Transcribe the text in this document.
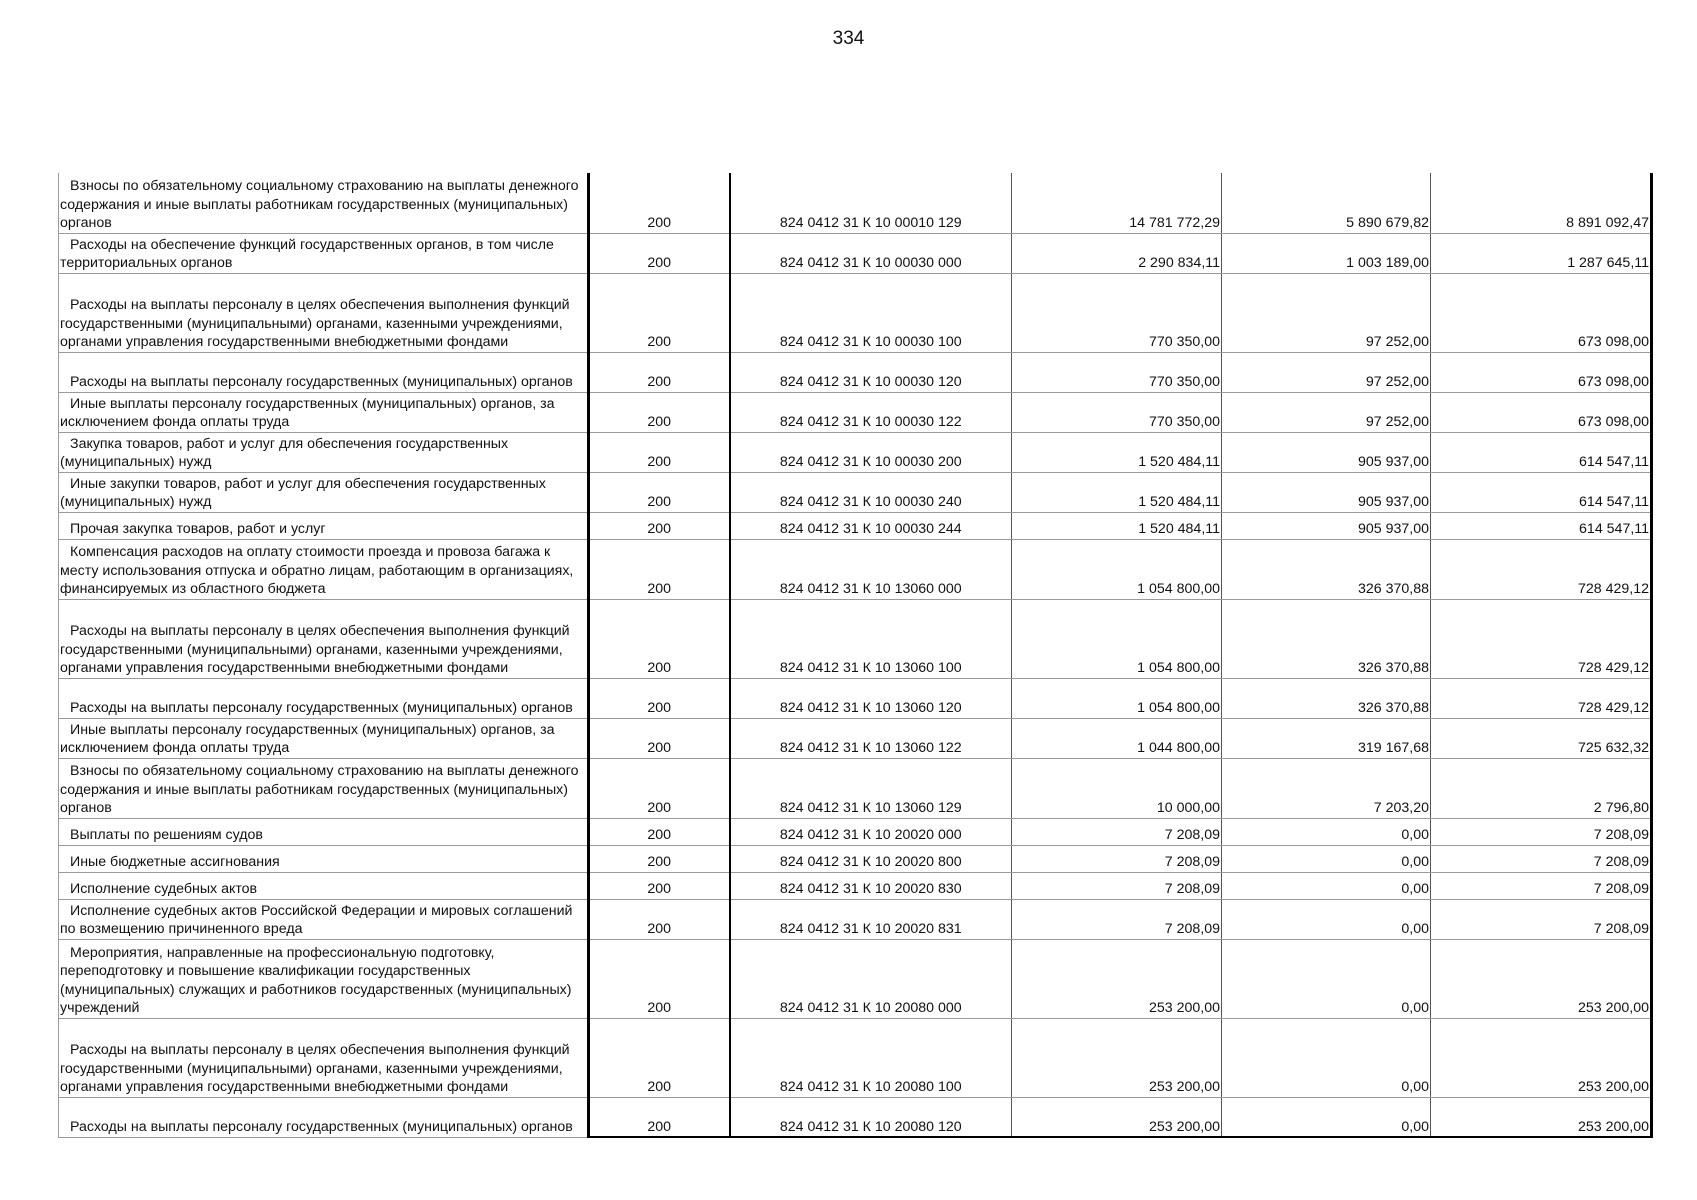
334
Взносы по обязательному социальному страхованию на выплаты денежного содержания и иные выплаты работникам государственных (муниципальных) органов	200	824 0412 31 К 10 00010 129	14 781 772,29	5 890 679,82	8 891 092,47

Расходы на обеспечение функций государственных органов, в том числе территориальных органов	200	824 0412 31 К 10 00030 000	2 290 834,11	1 003 189,00	1 287 645,11

Расходы на выплаты персоналу в целях обеспечения выполнения функций государственными (муниципальными) органами, казенными учреждениями, органами управления государственными внебюджетными фондами	200	824 0412 31 К 10 00030 100	770 350,00	97 252,00	673 098,00

Расходы на выплаты персоналу государственных (муниципальных) органов	200	824 0412 31 К 10 00030 120	770 350,00	97 252,00	673 098,00

Иные выплаты персоналу государственных (муниципальных) органов, за исключением фонда оплаты труда	200	824 0412 31 К 10 00030 122	770 350,00	97 252,00	673 098,00

Закупка товаров, работ и услуг для обеспечения государственных (муниципальных) нужд	200	824 0412 31 К 10 00030 200	1 520 484,11	905 937,00	614 547,11

Иные закупки товаров, работ и услуг для обеспечения государственных (муниципальных) нужд	200	824 0412 31 К 10 00030 240	1 520 484,11	905 937,00	614 547,11

Прочая закупка товаров, работ и услуг	200	824 0412 31 К 10 00030 244	1 520 484,11	905 937,00	614 547,11

Компенсация расходов на оплату стоимости проезда и провоза багажа к месту использования отпуска и обратно лицам, работающим в организациях, финансируемых из областного бюджета	200	824 0412 31 К 10 13060 000	1 054 800,00	326 370,88	728 429,12

Расходы на выплаты персоналу в целях обеспечения выполнения функций государственными (муниципальными) органами, казенными учреждениями, органами управления государственными внебюджетными фондами	200	824 0412 31 К 10 13060 100	1 054 800,00	326 370,88	728 429,12

Расходы на выплаты персоналу государственных (муниципальных) органов	200	824 0412 31 К 10 13060 120	1 054 800,00	326 370,88	728 429,12

Иные выплаты персоналу государственных (муниципальных) органов, за исключением фонда оплаты труда	200	824 0412 31 К 10 13060 122	1 044 800,00	319 167,68	725 632,32

Взносы по обязательному социальному страхованию на выплаты денежного содержания и иные выплаты работникам государственных (муниципальных) органов	200	824 0412 31 К 10 13060 129	10 000,00	7 203,20	2 796,80

Выплаты по решениям судов	200	824 0412 31 К 10 20020 000	7 208,09	0,00	7 208,09

Иные бюджетные ассигнования	200	824 0412 31 К 10 20020 800	7 208,09	0,00	7 208,09

Исполнение судебных актов	200	824 0412 31 К 10 20020 830	7 208,09	0,00	7 208,09

Исполнение судебных актов Российской Федерации и мировых соглашений по возмещению причиненного вреда	200	824 0412 31 К 10 20020 831	7 208,09	0,00	7 208,09

Мероприятия, направленные на профессиональную подготовку, переподготовку и повышение квалификации государственных (муниципальных) служащих и работников государственных (муниципальных) учреждений	200	824 0412 31 К 10 20080 000	253 200,00	0,00	253 200,00

Расходы на выплаты персоналу в целях обеспечения выполнения функций государственными (муниципальными) органами, казенными учреждениями, органами управления государственными внебюджетными фондами	200	824 0412 31 К 10 20080 100	253 200,00	0,00	253 200,00

Расходы на выплаты персоналу государственных (муниципальных) органов	200	824 0412 31 К 10 20080 120	253 200,00	0,00	253 200,00
